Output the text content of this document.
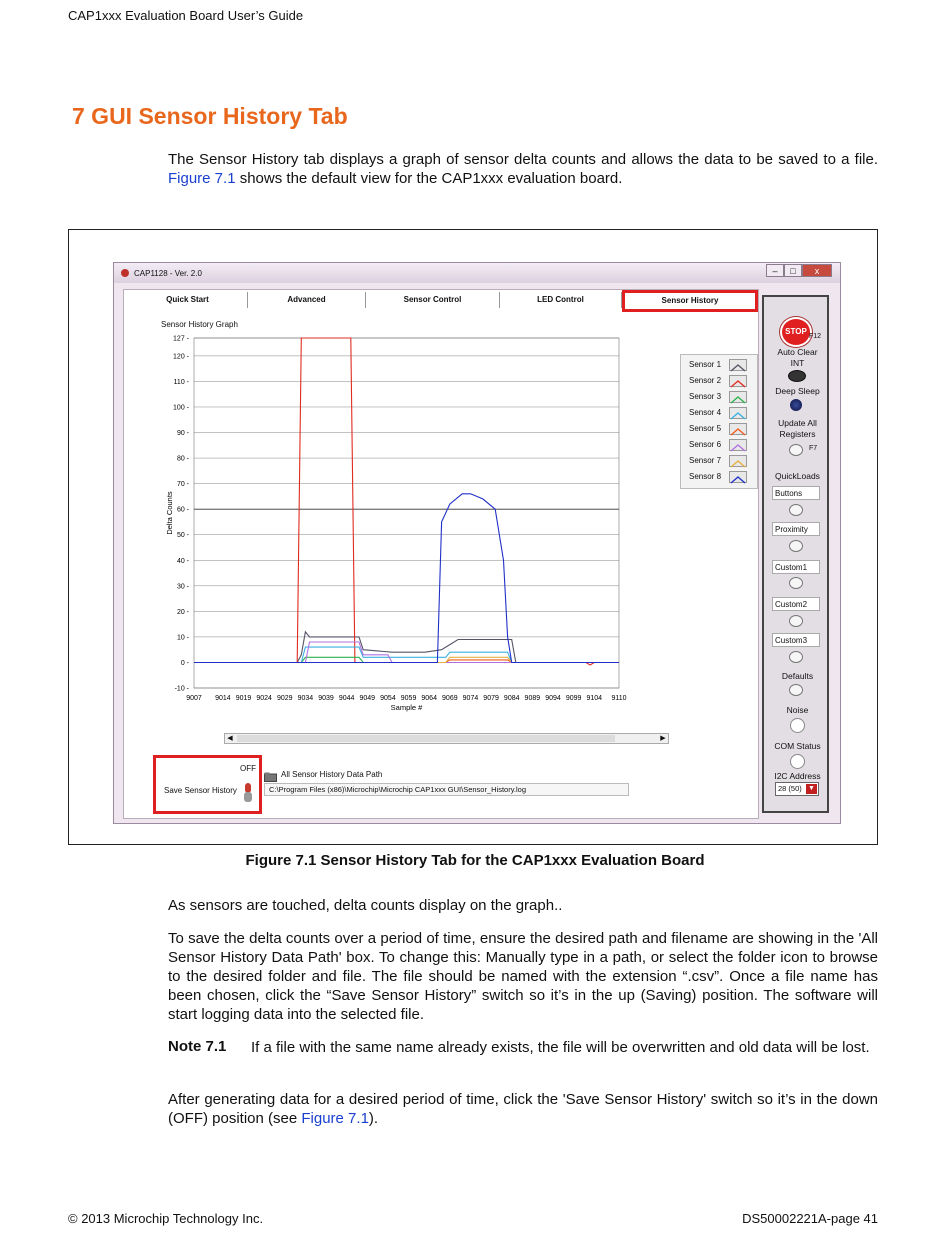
CAP1xxx Evaluation Board User’s Guide
7 GUI Sensor History Tab
The Sensor History tab displays a graph of sensor delta counts and allows the data to be saved to a file. Figure 7.1 shows the default view for the CAP1xxx evaluation board.
CAP1128 - Ver. 2.0	–	□	x
Quick Start	Advanced	Sensor Control	LED Control	Sensor History
Sensor History Graph
127 -
120 -
110 -
100 -
90 -
80 -
70 -
60 -
50 -
40 -
30 -
20 -
10 -
0 -
-10 -
9007 9014 9019 9024 9029 9034 9039 9044 9049 9054 9059 9064 9069 9074 9079 9084 9089 9094 9099 9104 9110
Sample #
Delta Counts
Sensor 1
Sensor 2
Sensor 3
Sensor 4
Sensor 5
Sensor 6
Sensor 7
Sensor 8
◀	▶
OFF
Save Sensor History
All Sensor History Data Path
C:\Program Files (x86)\Microchip\Microchip CAP1xxx GUI\Sensor_History.log
STOP
F12
Auto Clear
INT
Deep Sleep
Update All
Registers
F7
QuickLoads
Buttons
Proximity
Custom1
Custom2
Custom3
Defaults
Noise
COM Status
I2C Address
28 (50) ▼
Figure 7.1 Sensor History Tab for the CAP1xxx Evaluation Board
As sensors are touched, delta counts display on the graph..
To save the delta counts over a period of time, ensure the desired path and filename are showing in the 'All Sensor History Data Path' box. To change this: Manually type in a path, or select the folder icon to browse to the desired folder and file. The file should be named with the extension “.csv”. Once a file name has been chosen, click the “Save Sensor History” switch so it’s in the up (Saving) position. The software will start logging data into the selected file.
Note 7.1 If a file with the same name already exists, the file will be overwritten and old data will be lost.
After generating data for a desired period of time, click the 'Save Sensor History' switch so it’s in the down (OFF) position (see Figure 7.1).
© 2013 Microchip Technology Inc.	DS50002221A-page 41
